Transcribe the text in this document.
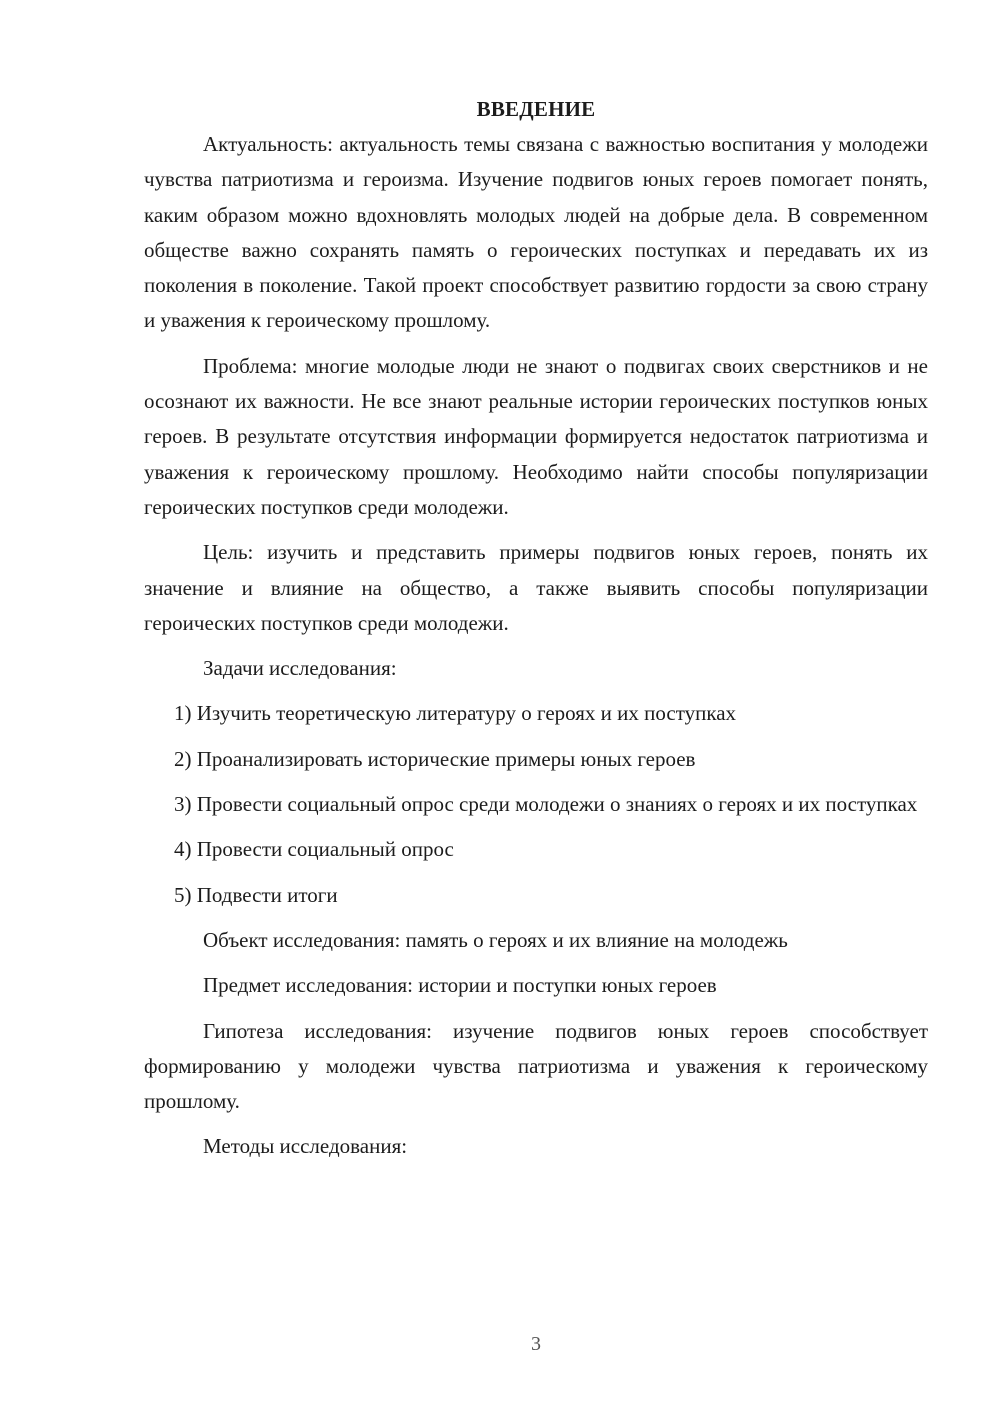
ВВЕДЕНИЕ

Актуальность: актуальность темы связана с важностью воспитания у молодежи чувства патриотизма и героизма. Изучение подвигов юных героев помогает понять, каким образом можно вдохновлять молодых людей на добрые дела. В современном обществе важно сохранять память о героических поступках и передавать их из поколения в поколение. Такой проект способствует развитию гордости за свою страну и уважения к героическому прошлому.

Проблема: многие молодые люди не знают о подвигах своих сверстников и не осознают их важности. Не все знают реальные истории героических поступков юных героев. В результате отсутствия информации формируется недостаток патриотизма и уважения к героическому прошлому. Необходимо найти способы популяризации героических поступков среди молодежи.

Цель: изучить и представить примеры подвигов юных героев, понять их значение и влияние на общество, а также выявить способы популяризации героических поступков среди молодежи.

Задачи исследования:

1) Изучить теоретическую литературу о героях и их поступках

2) Проанализировать исторические примеры юных героев

3) Провести социальный опрос среди молодежи о знаниях о героях и их поступках

4) Провести социальный опрос

5) Подвести итоги

Объект исследования: память о героях и их влияние на молодежь

Предмет исследования: истории и поступки юных героев

Гипотеза исследования: изучение подвигов юных героев способствует формированию у молодежи чувства патриотизма и уважения к героическому прошлому.

Методы исследования:

3
